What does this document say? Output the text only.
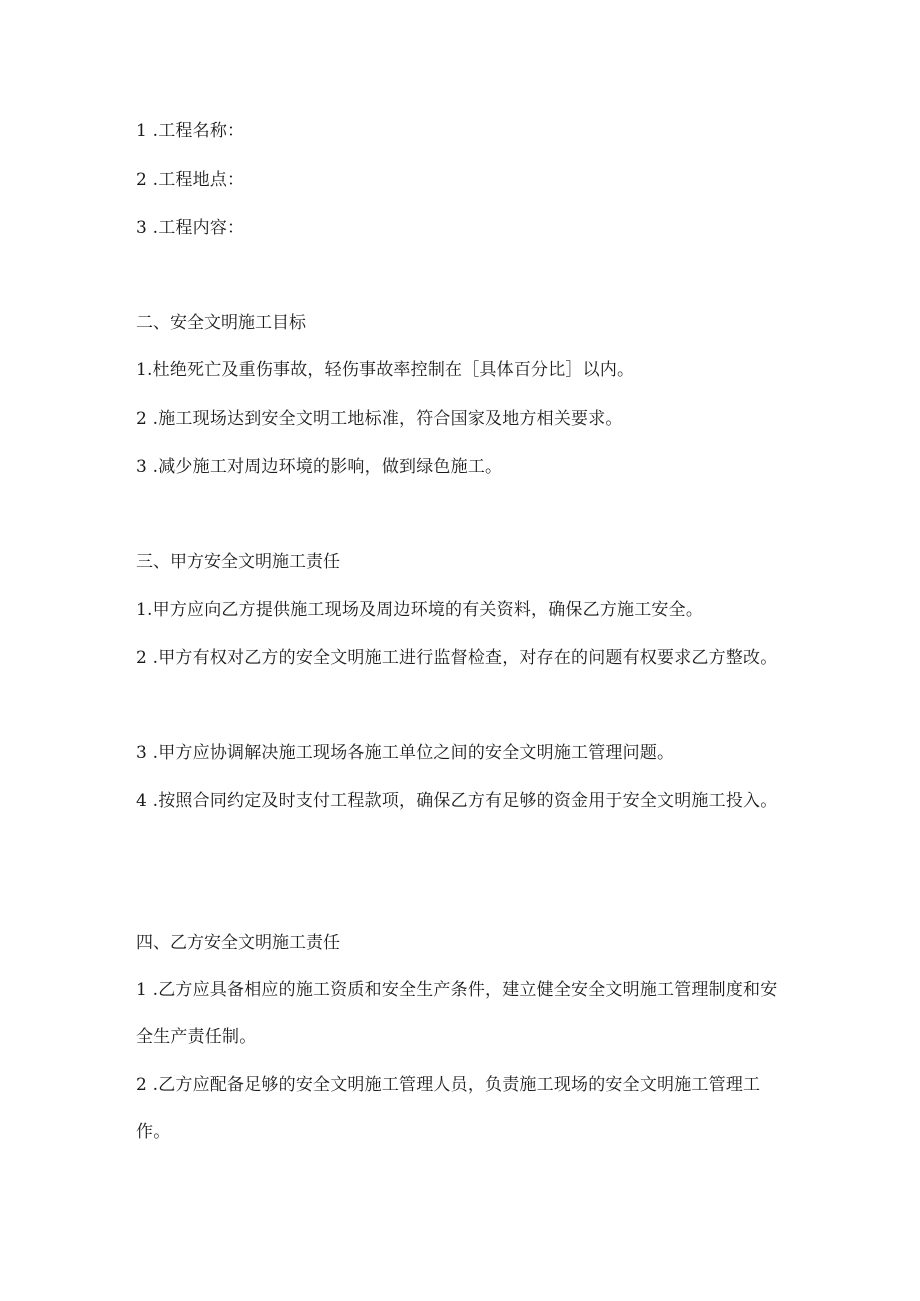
1 .工程名称：
2 .工程地点：
3 .工程内容：
二、安全文明施工目标
1.杜绝死亡及重伤事故，轻伤事故率控制在［具体百分比］以内。
2 .施工现场达到安全文明工地标准，符合国家及地方相关要求。
3 .减少施工对周边环境的影响，做到绿色施工。
三、甲方安全文明施工责任
1.甲方应向乙方提供施工现场及周边环境的有关资料，确保乙方施工安全。
2 .甲方有权对乙方的安全文明施工进行监督检查，对存在的问题有权要求乙方整改。
3 .甲方应协调解决施工现场各施工单位之间的安全文明施工管理问题。
4 .按照合同约定及时支付工程款项，确保乙方有足够的资金用于安全文明施工投入。
四、乙方安全文明施工责任
1 .乙方应具备相应的施工资质和安全生产条件，建立健全安全文明施工管理制度和安全生产责任制。
2 .乙方应配备足够的安全文明施工管理人员，负责施工现场的安全文明施工管理工作。
